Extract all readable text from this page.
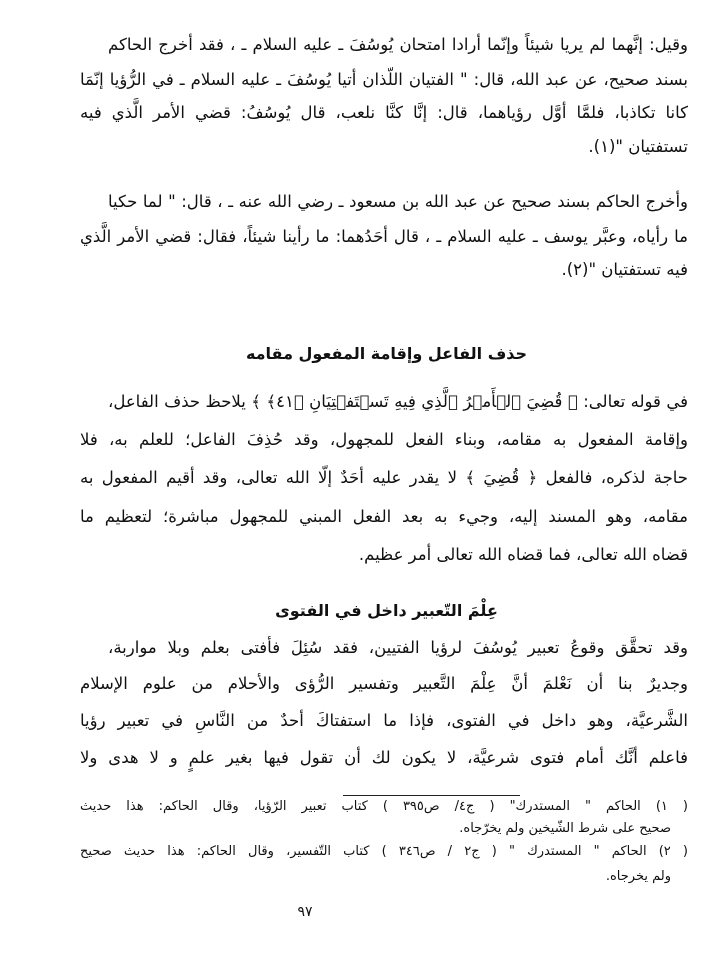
وقيل: إنَّهما لم يريا شيئاً وإنّما أرادا امتحان يُوسُفَ ـ عليه السلام ـ ، فقد أخرج الحاكم
بسند صحيح، عن عبد الله، قال: " الفتيان اللّذان أتيا يُوسُفَ ـ عليه السلام ـ في الرُّؤيا إنّمَا
كانا تكاذبا، فلمَّا أوَّل رؤياهما، قال: إنَّا كنَّا نلعب، قال يُوسُفُ: قضي الأمر الَّذي فيه
تستفتيان "(١).
وأخرج الحاكم بسند صحيح عن عبد الله بن مسعود ـ رضي الله عنه ـ ، قال: " لما حكيا
ما رأياه، وعبَّر يوسف ـ عليه السلام ـ ، قال أحَدُهما: ما رأينا شيئاً، فقال: قضي الأمر الَّذي
فيه تستفتيان "(٢).
حذف الفاعل وإقامة المفعول مقامه
في قوله تعالى: ﴿ قُضِيَ ٱلۡأَمۡرُ ٱلَّذِي فِيهِ تَسۡتَفۡتِيَانِ ﴿٤١﴾ ﴾ يلاحظ حذف الفاعل،
وإقامة المفعول به مقامه، وبناء الفعل للمجهول، وقد حُذِفَ الفاعل؛ للعلم به، فلا
حاجة لذكره، فالفعل ﴿ قُضِيَ ﴾ لا يقدر عليه أحَدٌ إلّا الله تعالى، وقد أقيم المفعول به
مقامه، وهو المسند إليه، وجيء به بعد الفعل المبني للمجهول مباشرة؛ لتعظيم ما
قضاه الله تعالى، فما قضاه الله تعالى أمر عظيم.
عِلْمَ التّعبير داخل في الفتوى
وقد تحقَّق وقوعُ تعبير يُوسُفَ لرؤيا الفتيين، فقد سُئِلَ فأفتى بعلم وبلا مواربة،
وجديرٌ بنا أن نَعْلمَ أنَّ عِلْمَ التَّعبير وتفسير الرُّؤى والأحلام من علوم الإسلام
الشَّرعيَّة، وهو داخل في الفتوى، فإذا ما استفتاكَ أحدٌ من النَّاسِ في تعبير رؤيا
فاعلم أنَّك أمام فتوى شرعيَّة، لا يكون لك أن تقول فيها بغير علمٍ و لا هدى ولا
( ١) الحاكم " المستدرك" ( ج٤/ ص٣٩٥ ) كتاب تعبير الرّؤيا، وقال الحاكم: هذا حديث
صحيح على شرط الشّيخين ولم يخرّجاه.
( ٢) الحاكم " المستدرك " ( ج٢ / ص٣٤٦ ) كتاب التّفسير، وقال الحاكم: هذا حديث صحيح
ولم يخرجاه.
٩٧
